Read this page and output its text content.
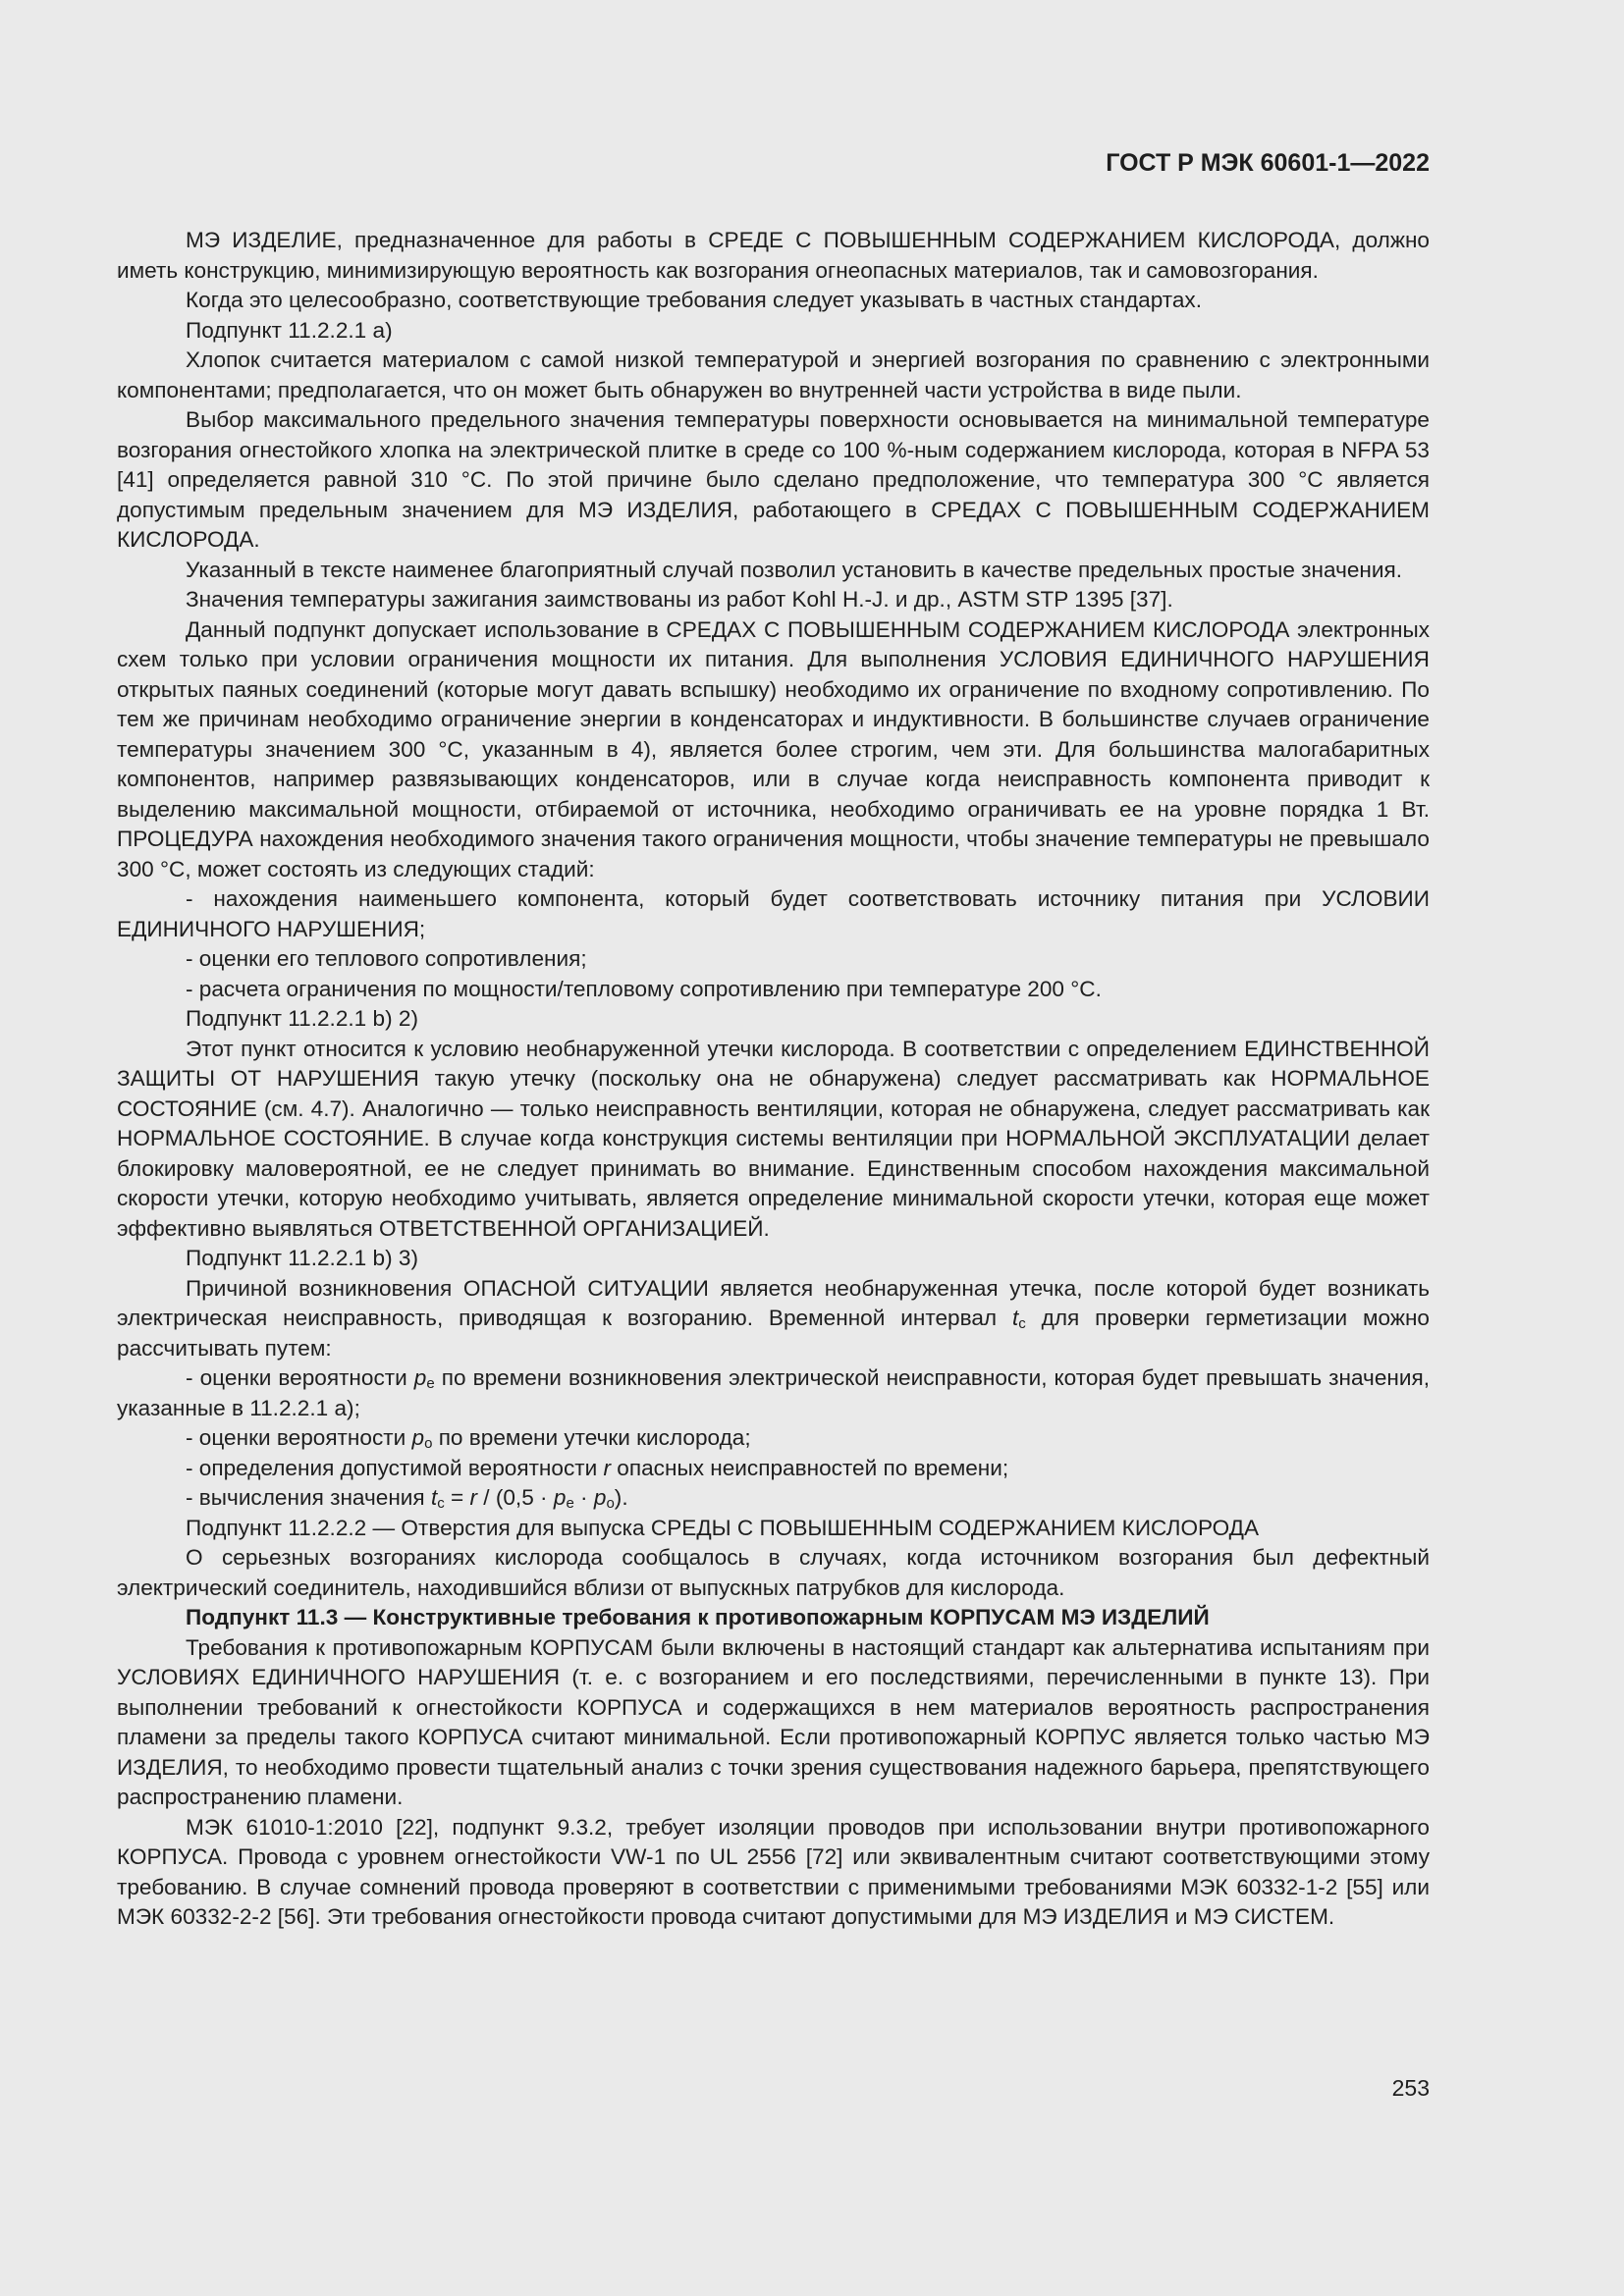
ГОСТ Р МЭК 60601-1—2022

МЭ ИЗДЕЛИЕ, предназначенное для работы в СРЕДЕ С ПОВЫШЕННЫМ СОДЕРЖАНИЕМ КИСЛОРОДА, должно иметь конструкцию, минимизирующую вероятность как возгорания огнеопасных материалов, так и самовозгорания.

Когда это целесообразно, соответствующие требования следует указывать в частных стандартах.

Подпункт 11.2.2.1 a)

Хлопок считается материалом с самой низкой температурой и энергией возгорания по сравнению с электронными компонентами; предполагается, что он может быть обнаружен во внутренней части устройства в виде пыли.

Выбор максимального предельного значения температуры поверхности основывается на минимальной температуре возгорания огнестойкого хлопка на электрической плитке в среде со 100 %-ным содержанием кислорода, которая в NFPA 53 [41] определяется равной 310 °С. По этой причине было сделано предположение, что температура 300 °С является допустимым предельным значением для МЭ ИЗДЕЛИЯ, работающего в СРЕДАХ С ПОВЫШЕННЫМ СОДЕРЖАНИЕМ КИСЛОРОДА.

Указанный в тексте наименее благоприятный случай позволил установить в качестве предельных простые значения.

Значения температуры зажигания заимствованы из работ Kohl H.-J. и др., ASTM STP 1395 [37].

Данный подпункт допускает использование в СРЕДАХ С ПОВЫШЕННЫМ СОДЕРЖАНИЕМ КИСЛОРОДА электронных схем только при условии ограничения мощности их питания. Для выполнения УСЛОВИЯ ЕДИНИЧНОГО НАРУШЕНИЯ открытых паяных соединений (которые могут давать вспышку) необходимо их ограничение по входному сопротивлению. По тем же причинам необходимо ограничение энергии в конденсаторах и индуктивности. В большинстве случаев ограничение температуры значением 300 °С, указанным в 4), является более строгим, чем эти. Для большинства малогабаритных компонентов, например развязывающих конденсаторов, или в случае когда неисправность компонента приводит к выделению максимальной мощности, отбираемой от источника, необходимо ограничивать ее на уровне порядка 1 Вт. ПРОЦЕДУРА нахождения необходимого значения такого ограничения мощности, чтобы значение температуры не превышало 300 °С, может состоять из следующих стадий:

- нахождения наименьшего компонента, который будет соответствовать источнику питания при УСЛОВИИ ЕДИНИЧНОГО НАРУШЕНИЯ;

- оценки его теплового сопротивления;

- расчета ограничения по мощности/тепловому сопротивлению при температуре 200 °С.

Подпункт 11.2.2.1 b) 2)

Этот пункт относится к условию необнаруженной утечки кислорода. В соответствии с определением ЕДИНСТВЕННОЙ ЗАЩИТЫ ОТ НАРУШЕНИЯ такую утечку (поскольку она не обнаружена) следует рассматривать как НОРМАЛЬНОЕ СОСТОЯНИЕ (см. 4.7). Аналогично — только неисправность вентиляции, которая не обнаружена, следует рассматривать как НОРМАЛЬНОЕ СОСТОЯНИЕ. В случае когда конструкция системы вентиляции при НОРМАЛЬНОЙ ЭКСПЛУАТАЦИИ делает блокировку маловероятной, ее не следует принимать во внимание. Единственным способом нахождения максимальной скорости утечки, которую необходимо учитывать, является определение минимальной скорости утечки, которая еще может эффективно выявляться ОТВЕТСТВЕННОЙ ОРГАНИЗАЦИЕЙ.

Подпункт 11.2.2.1 b) 3)

Причиной возникновения ОПАСНОЙ СИТУАЦИИ является необнаруженная утечка, после которой будет возникать электрическая неисправность, приводящая к возгоранию. Временной интервал $t_c$ для проверки герметизации можно рассчитывать путем:

- оценки вероятности $p_e$ по времени возникновения электрической неисправности, которая будет превышать значения, указанные в 11.2.2.1 a);

- оценки вероятности $p_o$ по времени утечки кислорода;

- определения допустимой вероятности r опасных неисправностей по времени;

- вычисления значения $t_c = r / (0,5 \cdot p_e \cdot p_o)$.

Подпункт 11.2.2.2 — Отверстия для выпуска СРЕДЫ С ПОВЫШЕННЫМ СОДЕРЖАНИЕМ КИСЛОРОДА

О серьезных возгораниях кислорода сообщалось в случаях, когда источником возгорания был дефектный электрический соединитель, находившийся вблизи от выпускных патрубков для кислорода.

Подпункт 11.3 — Конструктивные требования к противопожарным КОРПУСАМ МЭ ИЗДЕЛИЙ

Требования к противопожарным КОРПУСАМ были включены в настоящий стандарт как альтернатива испытаниям при УСЛОВИЯХ ЕДИНИЧНОГО НАРУШЕНИЯ (т. е. с возгоранием и его последствиями, перечисленными в пункте 13). При выполнении требований к огнестойкости КОРПУСА и содержащихся в нем материалов вероятность распространения пламени за пределы такого КОРПУСА считают минимальной. Если противопожарный КОРПУС является только частью МЭ ИЗДЕЛИЯ, то необходимо провести тщательный анализ с точки зрения существования надежного барьера, препятствующего распространению пламени.

МЭК 61010-1:2010 [22], подпункт 9.3.2, требует изоляции проводов при использовании внутри противопожарного КОРПУСА. Провода с уровнем огнестойкости VW-1 по UL 2556 [72] или эквивалентным считают соответствующими этому требованию. В случае сомнений провода проверяют в соответствии с применимыми требованиями МЭК 60332-1-2 [55] или МЭК 60332-2-2 [56]. Эти требования огнестойкости провода считают допустимыми для МЭ ИЗДЕЛИЯ и МЭ СИСТЕМ.

253
